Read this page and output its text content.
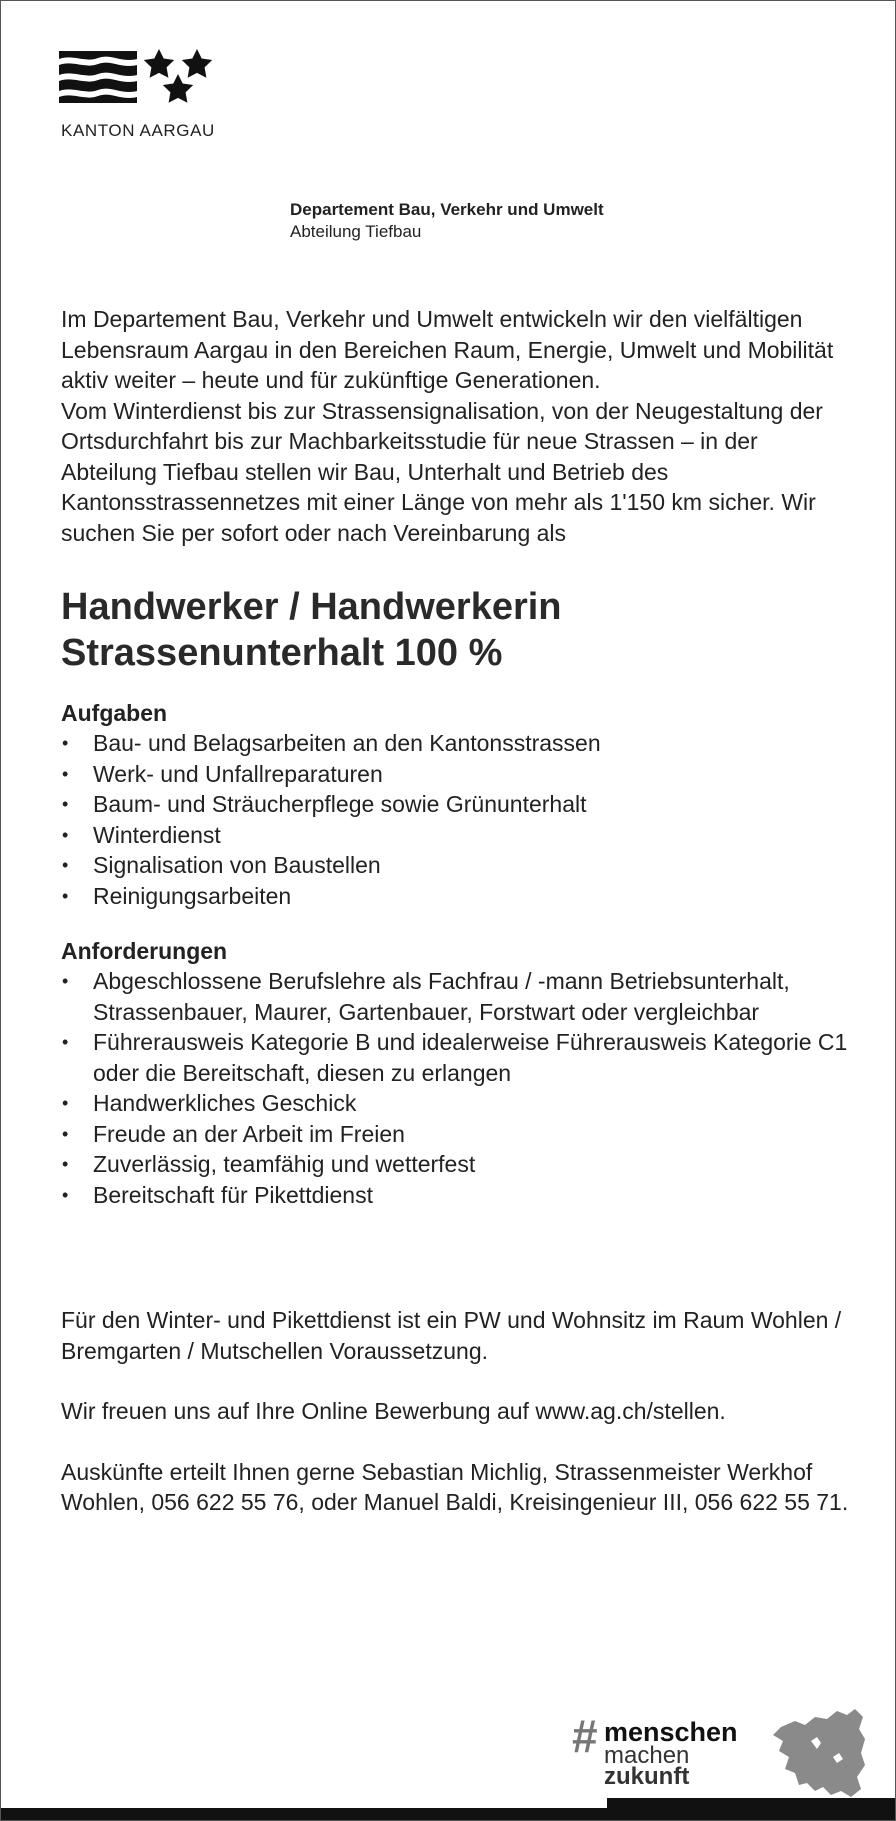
KANTON AARGAU
Departement Bau, Verkehr und Umwelt
Abteilung Tiefbau

Im Departement Bau, Verkehr und Umwelt entwickeln wir den vielfältigen Lebensraum Aargau in den Bereichen Raum, Energie, Umwelt und Mobilität aktiv weiter – heute und für zukünftige Generationen.

Vom Winterdienst bis zur Strassensignalisation, von der Neugestaltung der Ortsdurchfahrt bis zur Machbarkeitsstudie für neue Strassen – in der Abteilung Tiefbau stellen wir Bau, Unterhalt und Betrieb des Kantonsstrassennetzes mit einer Länge von mehr als 1'150 km sicher. Wir suchen Sie per sofort oder nach Vereinbarung als

Handwerker / Handwerkerin
Strassenunterhalt 100 %
Aufgaben
• Bau- und Belagsarbeiten an den Kantonsstrassen
• Werk- und Unfallreparaturen
• Baum- und Sträucherpflege sowie Grünunterhalt
• Winterdienst
• Signalisation von Baustellen
• Reinigungsarbeiten
Anforderungen
• Abgeschlossene Berufslehre als Fachfrau / -mann Betriebsunterhalt, Strassenbauer, Maurer, Gartenbauer, Forstwart oder vergleichbar
• Führerausweis Kategorie B und idealerweise Führerausweis Kategorie C1 oder die Bereitschaft, diesen zu erlangen
• Handwerkliches Geschick
• Freude an der Arbeit im Freien
• Zuverlässig, teamfähig und wetterfest
• Bereitschaft für Pikettdienst

Für den Winter- und Pikettdienst ist ein PW und Wohnsitz im Raum Wohlen / Bremgarten / Mutschellen Voraussetzung.

Wir freuen uns auf Ihre Online Bewerbung auf www.ag.ch/stellen.

Auskünfte erteilt Ihnen gerne Sebastian Michlig, Strassenmeister Werkhof Wohlen, 056 622 55 76, oder Manuel Baldi, Kreisingenieur III, 056 622 55 71.

# menschen
machen
zukunft
